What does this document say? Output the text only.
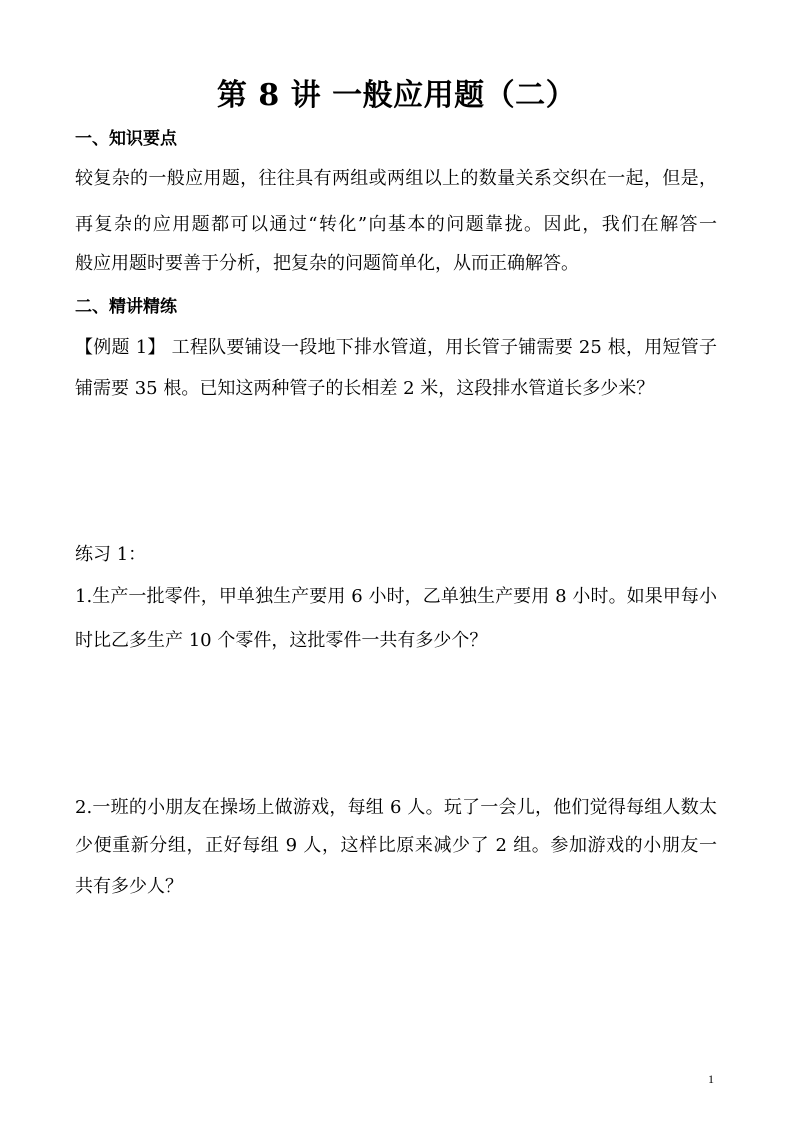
第 8 讲 一般应用题（二）
一、知识要点
较复杂的一般应用题，往往具有两组或两组以上的数量关系交织在一起，但是，
再复杂的应用题都可以通过“转化”向基本的问题靠拢。因此，我们在解答一
般应用题时要善于分析，把复杂的问题简单化，从而正确解答。
二、精讲精练
【例题 1】 工程队要铺设一段地下排水管道，用长管子铺需要 25 根，用短管子
铺需要 35 根。已知这两种管子的长相差 2 米，这段排水管道长多少米？
练习 1：
1.生产一批零件，甲单独生产要用 6 小时，乙单独生产要用 8 小时。如果甲每小
时比乙多生产 10 个零件，这批零件一共有多少个？
2.一班的小朋友在操场上做游戏，每组 6 人。玩了一会儿，他们觉得每组人数太
少便重新分组，正好每组 9 人，这样比原来减少了 2 组。参加游戏的小朋友一
共有多少人？
1
